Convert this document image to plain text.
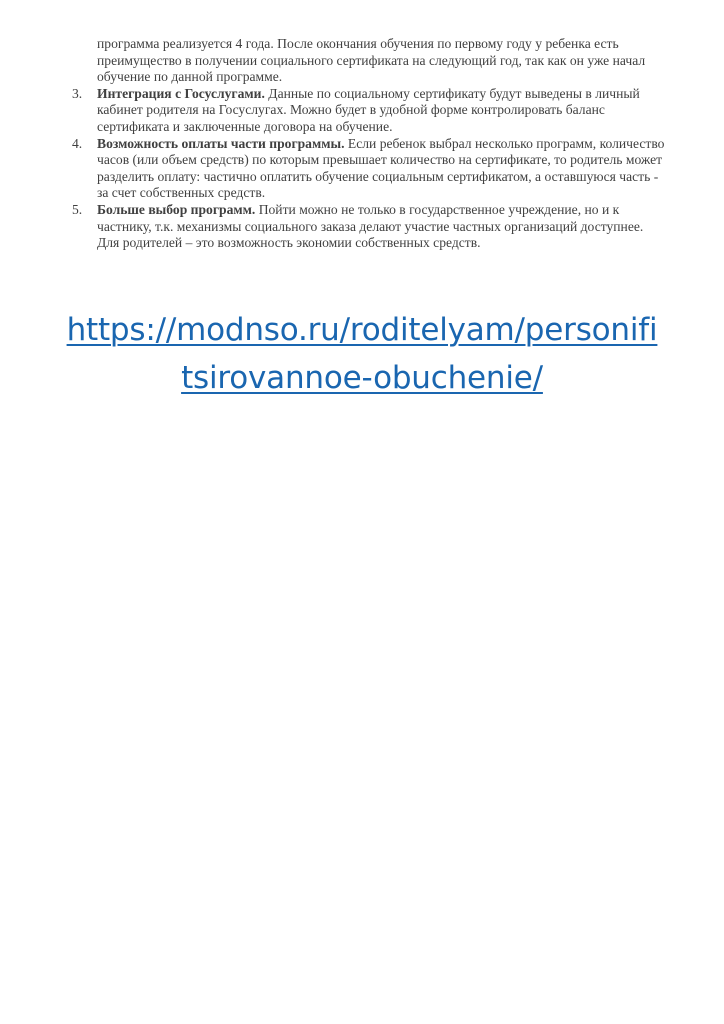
программа реализуется 4 года. После окончания обучения по первому году у ребенка есть преимущество в получении социального сертификата на следующий год, так как он уже начал обучение по данной программе.

3.	Интеграция с Госуслугами. Данные по социальному сертификату будут выведены в личный кабинет родителя на Госуслугах. Можно будет в удобной форме контролировать баланс сертификата и заключенные договора на обучение.
4.	Возможность оплаты части программы. Если ребенок выбрал несколько программ, количество часов (или объем средств) по которым превышает количество на сертификате, то родитель может разделить оплату: частично оплатить обучение социальным сертификатом, а оставшуюся часть - за счет собственных средств.
5.	Больше выбор программ. Пойти можно не только в государственное учреждение, но и к частнику, т.к. механизмы социального заказа делают участие частных организаций доступнее. Для родителей – это возможность экономии собственных средств.
https://modnso.ru/roditelyam/personifi
tsirovannoe-obuchenie/
